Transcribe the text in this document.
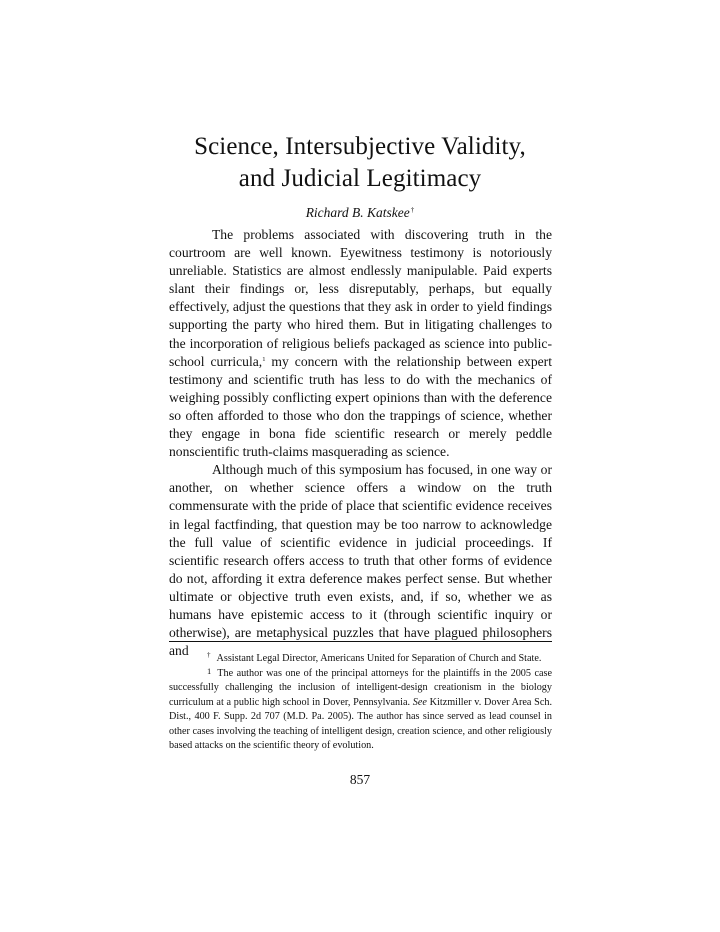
Science, Intersubjective Validity,
and Judicial Legitimacy
Richard B. Katskee†

The problems associated with discovering truth in the courtroom are well known. Eyewitness testimony is notoriously unreliable. Statistics are almost endlessly manipulable. Paid experts slant their findings or, less disreputably, perhaps, but equally effectively, adjust the questions that they ask in order to yield findings supporting the party who hired them. But in litigating challenges to the incorporation of religious beliefs packaged as science into public-school curricula,$^1$ my concern with the relationship between expert testimony and scientific truth has less to do with the mechanics of weighing possibly conflicting expert opinions than with the deference so often afforded to those who don the trappings of science, whether they engage in bona fide scientific research or merely peddle nonscientific truth-claims masquerading as science.

Although much of this symposium has focused, in one way or another, on whether science offers a window on the truth commensurate with the pride of place that scientific evidence receives in legal factfinding, that question may be too narrow to acknowledge the full value of scientific evidence in judicial proceedings. If scientific research offers access to truth that other forms of evidence do not, affording it extra deference makes perfect sense. But whether ultimate or objective truth even exists, and, if so, whether we as humans have epistemic access to it (through scientific inquiry or otherwise), are metaphysical puzzles that have plagued philosophers and	† Assistant Legal Director, Americans United for Separation of Church and State.

1 The author was one of the principal attorneys for the plaintiffs in the 2005 case successfully challenging the inclusion of intelligent-design creationism in the biology curriculum at a public high school in Dover, Pennsylvania. See Kitzmiller v. Dover Area Sch. Dist., 400 F. Supp. 2d 707 (M.D. Pa. 2005). The author has since served as lead counsel in other cases involving the teaching of intelligent design, creation science, and other religiously based attacks on the scientific theory of evolution.

857
